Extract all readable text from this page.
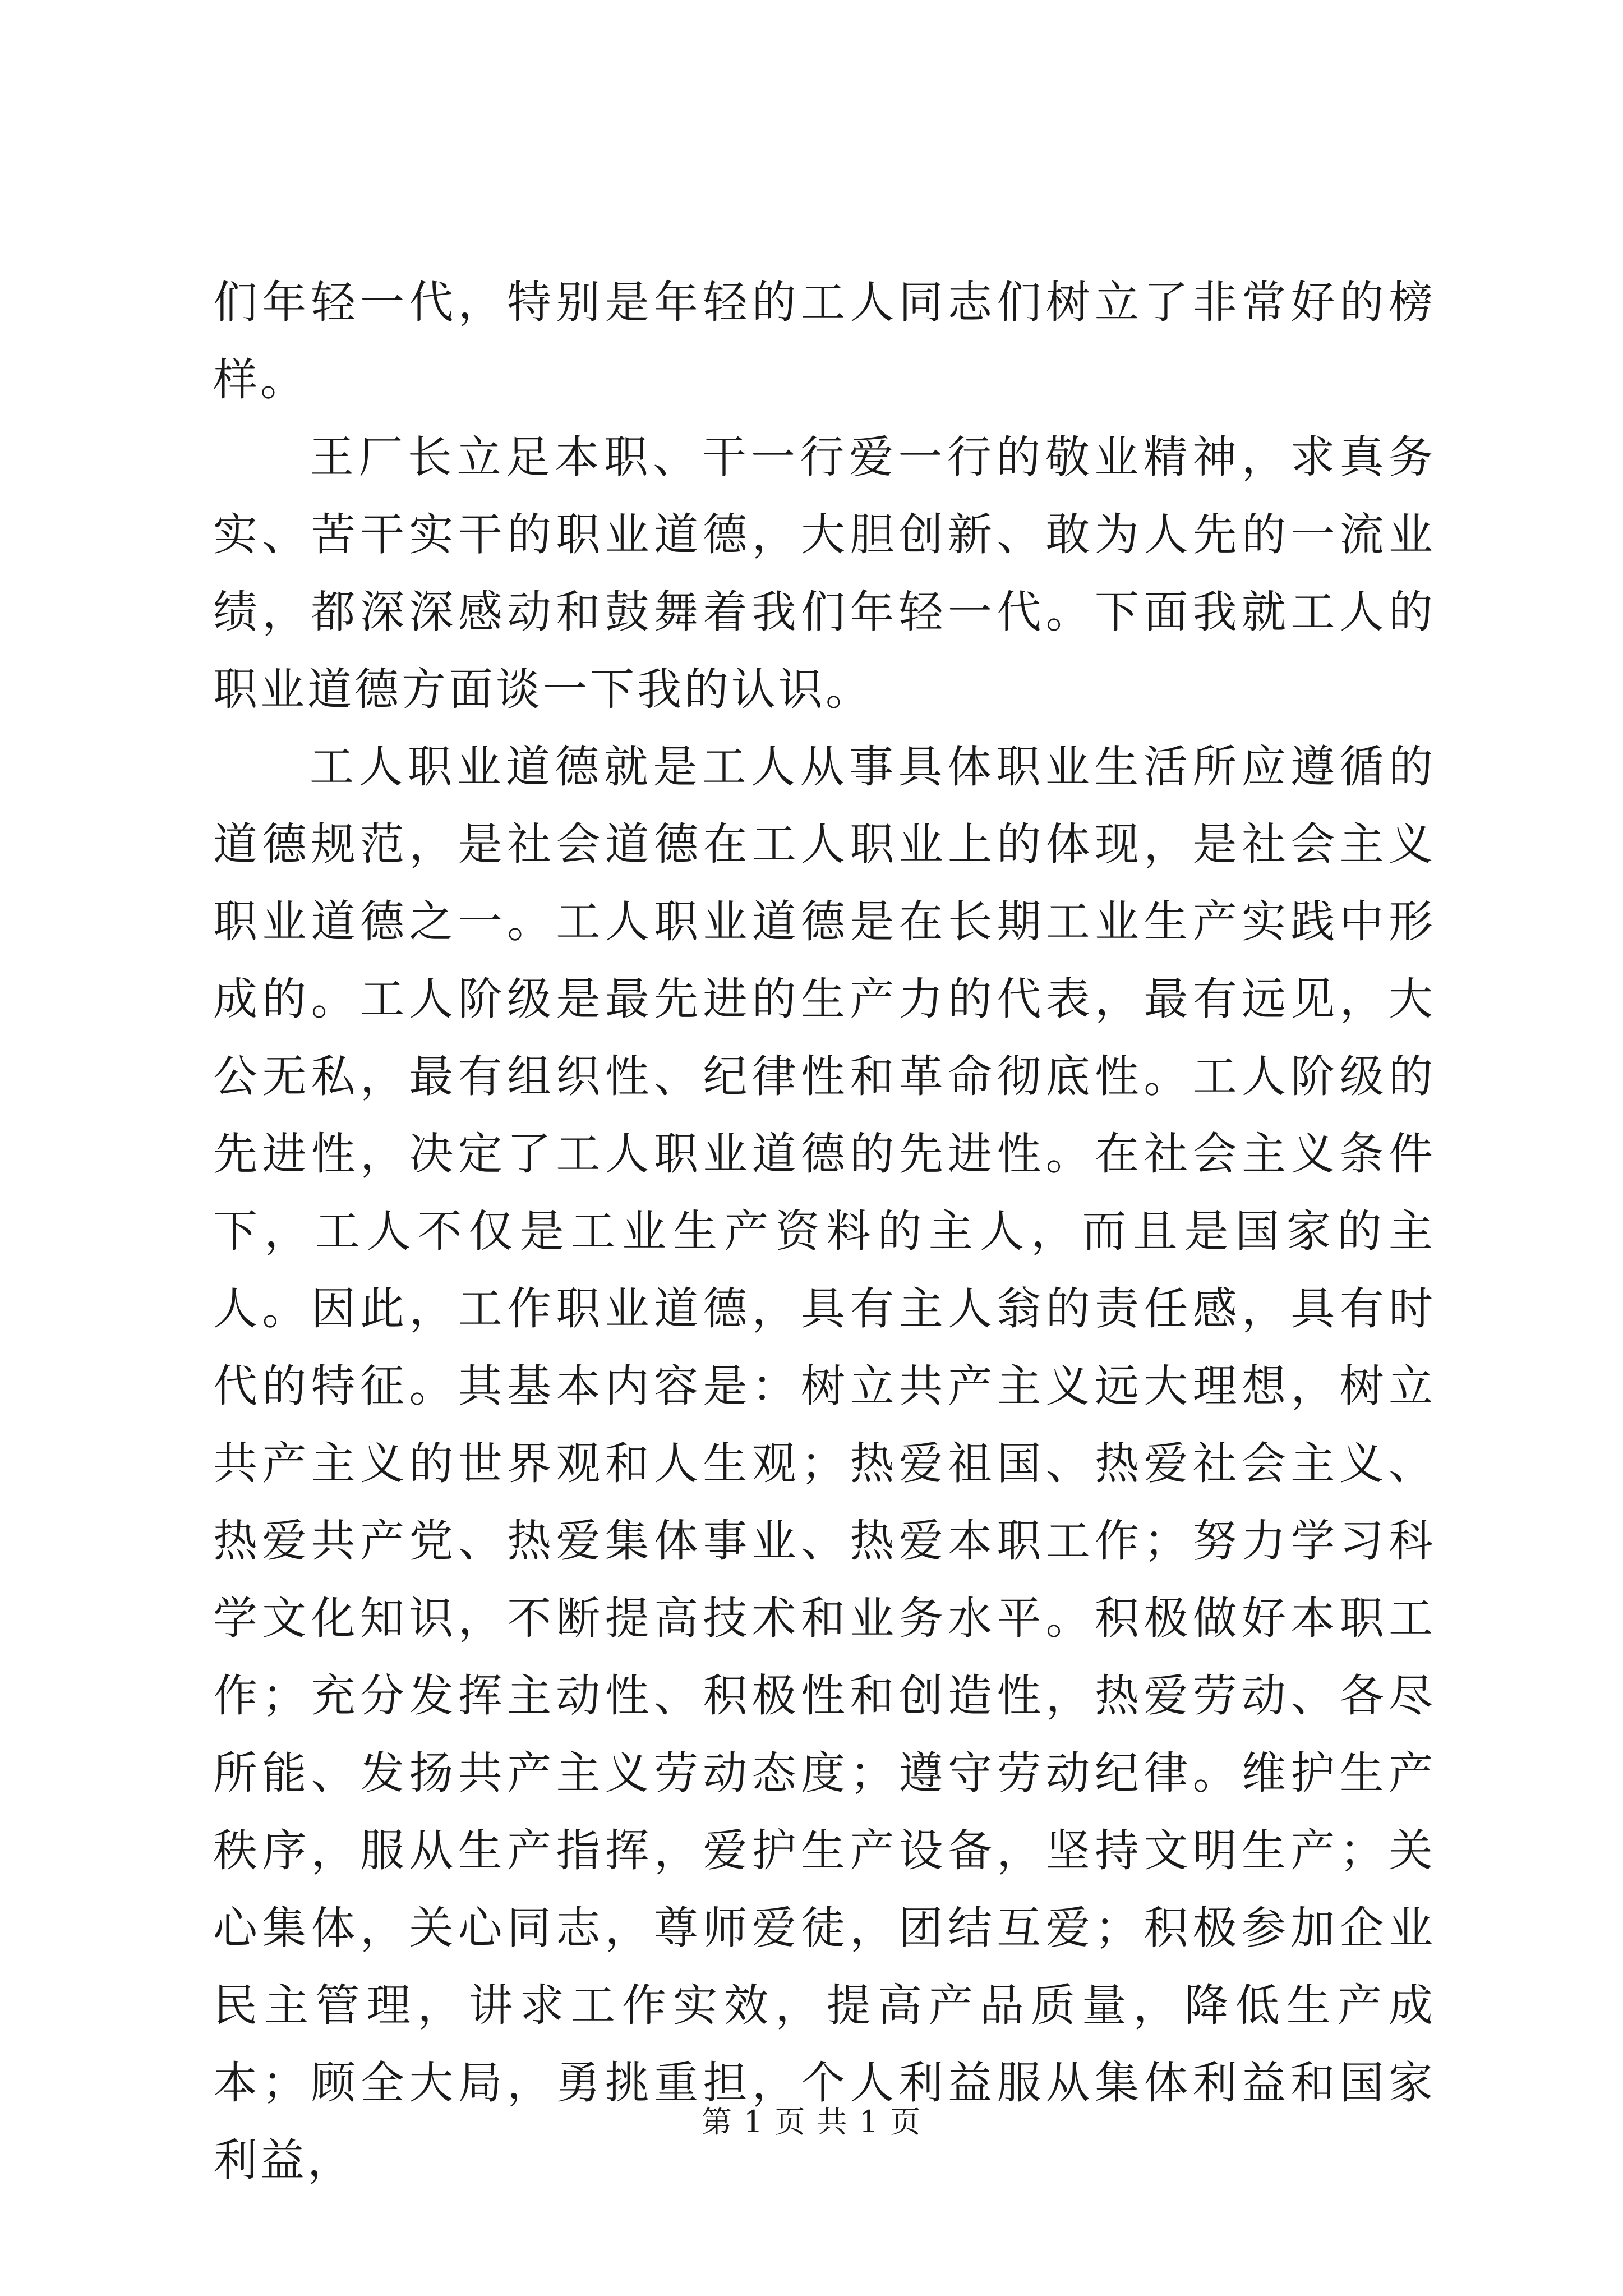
们年轻一代，特别是年轻的工人同志们树立了非常好的榜样。

王厂长立足本职、干一行爱一行的敬业精神，求真务实、苦干实干的职业道德，大胆创新、敢为人先的一流业绩，都深深感动和鼓舞着我们年轻一代。下面我就工人的职业道德方面谈一下我的认识。

工人职业道德就是工人从事具体职业生活所应遵循的道德规范，是社会道德在工人职业上的体现，是社会主义职业道德之一。工人职业道德是在长期工业生产实践中形成的。工人阶级是最先进的生产力的代表，最有远见，大公无私，最有组织性、纪律性和革命彻底性。工人阶级的先进性，决定了工人职业道德的先进性。在社会主义条件下，工人不仅是工业生产资料的主人，而且是国家的主人。因此，工作职业道德，具有主人翁的责任感，具有时代的特征。其基本内容是：树立共产主义远大理想，树立共产主义的世界观和人生观；热爱祖国、热爱社会主义、热爱共产党、热爱集体事业、热爱本职工作；努力学习科学文化知识，不断提高技术和业务水平。积极做好本职工作；充分发挥主动性、积极性和创造性，热爱劳动、各尽所能、发扬共产主义劳动态度；遵守劳动纪律。维护生产秩序，服从生产指挥，爱护生产设备，坚持文明生产；关心集体，关心同志，尊师爱徒，团结互爱；积极参加企业民主管理，讲求工作实效，提高产品质量，降低生产成本；顾全大局，勇挑重担，个人利益服从集体利益和国家利益，

第 1 页 共 1 页
